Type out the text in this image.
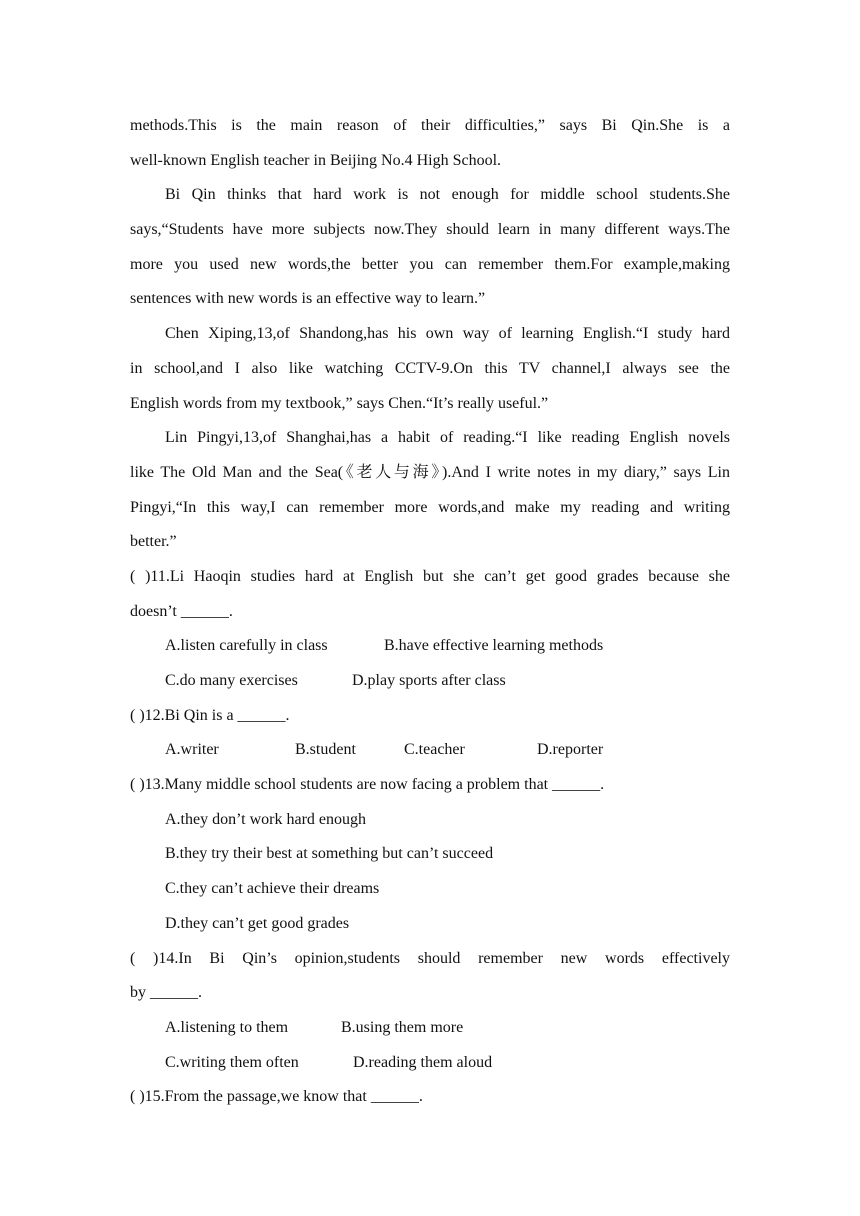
methods.This is the main reason of their difficulties,” says Bi Qin.She is a
well-known English teacher in Beijing No.4 High School.
Bi Qin thinks that hard work is not enough for middle school students.She
says,“Students have more subjects now.They should learn in many different ways.The
more you used new words,the better you can remember them.For example,making
sentences with new words is an effective way to learn.”
Chen Xiping,13,of Shandong,has his own way of learning English.“I study hard
in school,and I also like watching CCTV-9.On this TV channel,I always see the
English words from my textbook,” says Chen.“It’s really useful.”
Lin Pingyi,13,of Shanghai,has a habit of reading.“I like reading English novels
like The Old Man and the Sea(《老人与海》).And I write notes in my diary,” says Lin
Pingyi,“In this way,I can remember more words,and make my reading and writing
better.”
( )11.Li Haoqin studies hard at English but she can’t get good grades because she
doesn’t ______.
A.listen carefully in class	B.have effective learning methods
C.do many exercises	D.play sports after class
( )12.Bi Qin is a ______.
A.writer	B.student	C.teacher	D.reporter
( )13.Many middle school students are now facing a problem that ______.
A.they don’t work hard enough
B.they try their best at something but can’t succeed
C.they can’t achieve their dreams
D.they can’t get good grades
( )14.In Bi Qin’s opinion,students should remember new words effectively
by ______.
A.listening to them	B.using them more
C.writing them often	D.reading them aloud
( )15.From the passage,we know that ______.
